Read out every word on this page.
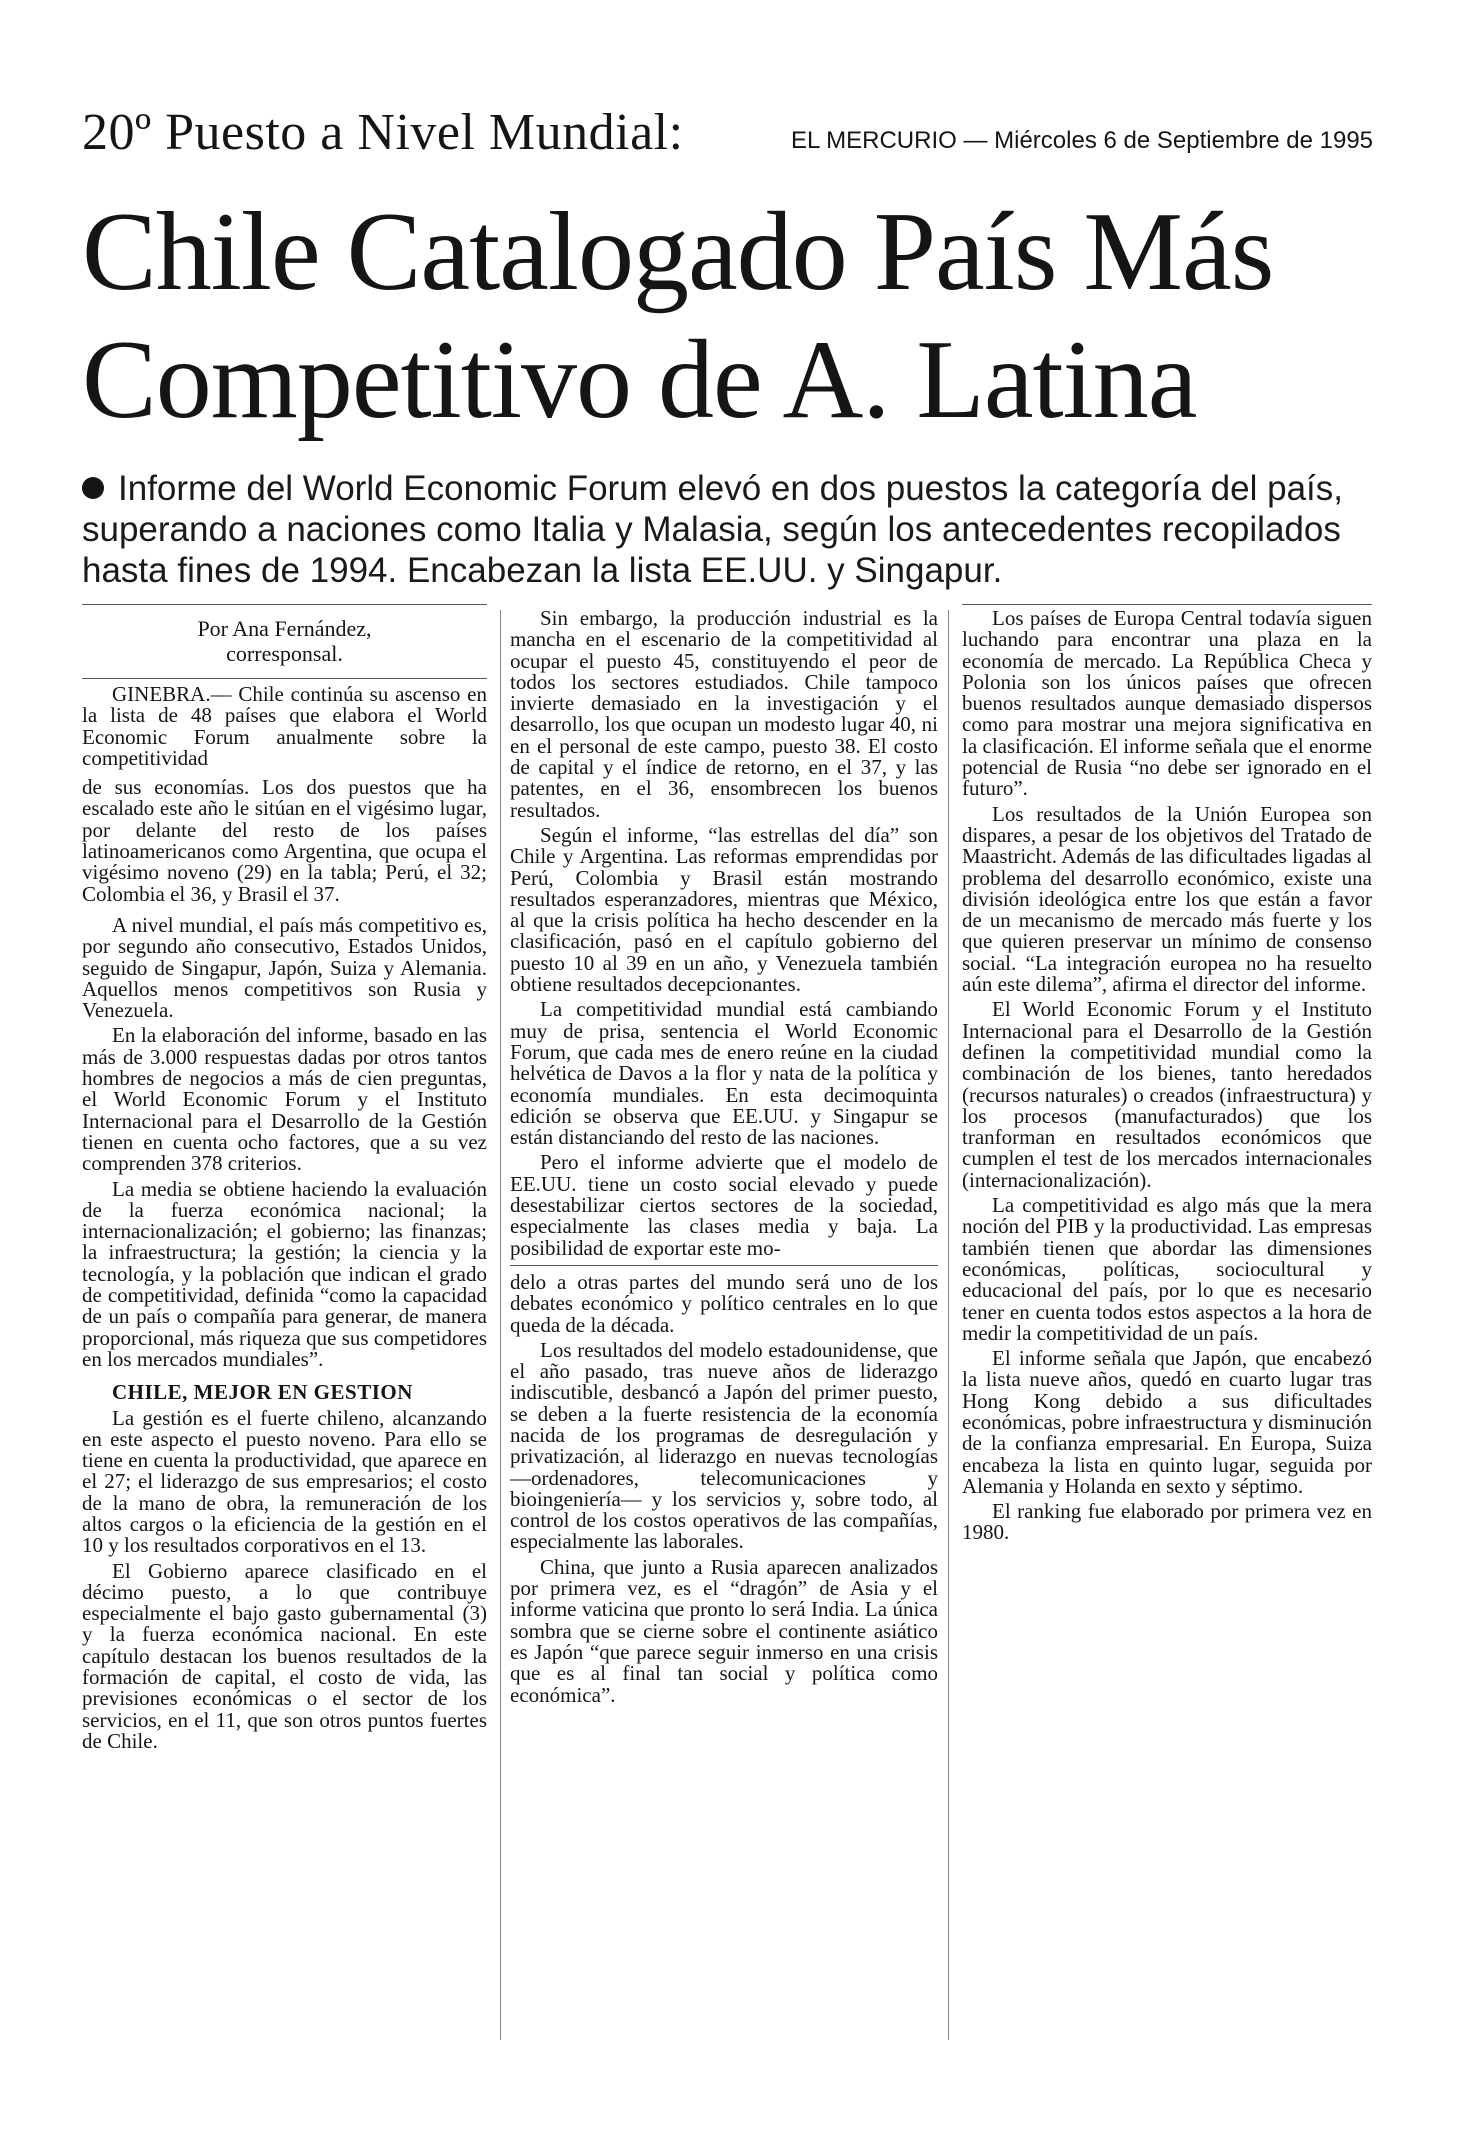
20º Puesto a Nivel Mundial:	EL MERCURIO — Miércoles 6 de Septiembre de 1995
Chile Catalogado País Más
Competitivo de A. Latina
Informe del World Economic Forum elevó en dos puestos la categoría del país, superando a naciones como Italia y Malasia, según los antecedentes recopilados hasta fines de 1994. Encabezan la lista EE.UU. y Singapur.
Por Ana Fernández,
corresponsal.

GINEBRA.— Chile continúa su ascenso en la lista de 48 países que elabora el World Economic Forum anualmente sobre la competitividad

de sus economías. Los dos puestos que ha escalado este año le sitúan en el vigésimo lugar, por delante del resto de los países latinoamericanos como Argentina, que ocupa el vigésimo noveno (29) en la tabla; Perú, el 32; Colombia el 36, y Brasil el 37.

A nivel mundial, el país más competitivo es, por segundo año consecutivo, Estados Unidos, seguido de Singapur, Japón, Suiza y Alemania. Aquellos menos competitivos son Rusia y Venezuela.

En la elaboración del informe, basado en las más de 3.000 respuestas dadas por otros tantos hombres de negocios a más de cien preguntas, el World Economic Forum y el Instituto Internacional para el Desarrollo de la Gestión tienen en cuenta ocho factores, que a su vez comprenden 378 criterios.

La media se obtiene haciendo la evaluación de la fuerza económica nacional; la internacionalización; el gobierno; las finanzas; la infraestructura; la gestión; la ciencia y la tecnología, y la población que indican el grado de competitividad, definida “como la capacidad de un país o compañía para generar, de manera proporcional, más riqueza que sus competidores en los mercados mundiales”.

CHILE, MEJOR EN GESTION

La gestión es el fuerte chileno, alcanzando en este aspecto el puesto noveno. Para ello se tiene en cuenta la productividad, que aparece en el 27; el liderazgo de sus empresarios; el costo de la mano de obra, la remuneración de los altos cargos o la eficiencia de la gestión en el 10 y los resultados corporativos en el 13.

El Gobierno aparece clasificado en el décimo puesto, a lo que contribuye especialmente el bajo gasto gubernamental (3) y la fuerza económica nacional. En este capítulo destacan los buenos resultados de la formación de capital, el costo de vida, las previsiones económicas o el sector de los servicios, en el 11, que son otros puntos fuertes de Chile.

Sin embargo, la producción industrial es la mancha en el escenario de la competitividad al ocupar el puesto 45, constituyendo el peor de todos los sectores estudiados. Chile tampoco invierte demasiado en la investigación y el desarrollo, los que ocupan un modesto lugar 40, ni en el personal de este campo, puesto 38. El costo de capital y el índice de retorno, en el 37, y las patentes, en el 36, ensombrecen los buenos resultados.

Según el informe, “las estrellas del día” son Chile y Argentina. Las reformas emprendidas por Perú, Colombia y Brasil están mostrando resultados esperanzadores, mientras que México, al que la crisis política ha hecho descender en la clasificación, pasó en el capítulo gobierno del puesto 10 al 39 en un año, y Venezuela también obtiene resultados decepcionantes.

La competitividad mundial está cambiando muy de prisa, sentencia el World Economic Forum, que cada mes de enero reúne en la ciudad helvética de Davos a la flor y nata de la política y economía mundiales. En esta decimoquinta edición se observa que EE.UU. y Singapur se están distanciando del resto de las naciones.

Pero el informe advierte que el modelo de EE.UU. tiene un costo social elevado y puede desestabilizar ciertos sectores de la sociedad, especialmente las clases media y baja. La posibilidad de exportar este mo-

delo a otras partes del mundo será uno de los debates económico y político centrales en lo que queda de la década.

Los resultados del modelo estadounidense, que el año pasado, tras nueve años de liderazgo indiscutible, desbancó a Japón del primer puesto, se deben a la fuerte resistencia de la economía nacida de los programas de desregulación y privatización, al liderazgo en nuevas tecnologías —ordenadores, telecomunicaciones y bioingeniería— y los servicios y, sobre todo, al control de los costos operativos de las compañías, especialmente las laborales.

China, que junto a Rusia aparecen analizados por primera vez, es el “dragón” de Asia y el informe vaticina que pronto lo será India. La única sombra que se cierne sobre el continente asiático es Japón “que parece seguir inmerso en una crisis que es al final tan social y política como económica”.

Los países de Europa Central todavía siguen luchando para encontrar una plaza en la economía de mercado. La República Checa y Polonia son los únicos países que ofrecen buenos resultados aunque demasiado dispersos como para mostrar una mejora significativa en la clasificación. El informe señala que el enorme potencial de Rusia “no debe ser ignorado en el futuro”.

Los resultados de la Unión Europea son dispares, a pesar de los objetivos del Tratado de Maastricht. Además de las dificultades ligadas al problema del desarrollo económico, existe una división ideológica entre los que están a favor de un mecanismo de mercado más fuerte y los que quieren preservar un mínimo de consenso social. “La integración europea no ha resuelto aún este dilema”, afirma el director del informe.

El World Economic Forum y el Instituto Internacional para el Desarrollo de la Gestión definen la competitividad mundial como la combinación de los bienes, tanto heredados (recursos naturales) o creados (infraestructura) y los procesos (manufacturados) que los tranforman en resultados económicos que cumplen el test de los mercados internacionales (internacionalización).

La competitividad es algo más que la mera noción del PIB y la productividad. Las empresas también tienen que abordar las dimensiones económicas, políticas, sociocultural y educacional del país, por lo que es necesario tener en cuenta todos estos aspectos a la hora de medir la competitividad de un país.

El informe señala que Japón, que encabezó la lista nueve años, quedó en cuarto lugar tras Hong Kong debido a sus dificultades económicas, pobre infraestructura y disminución de la confianza empresarial. En Europa, Suiza encabeza la lista en quinto lugar, seguida por Alemania y Holanda en sexto y séptimo.

El ranking fue elaborado por primera vez en 1980.
